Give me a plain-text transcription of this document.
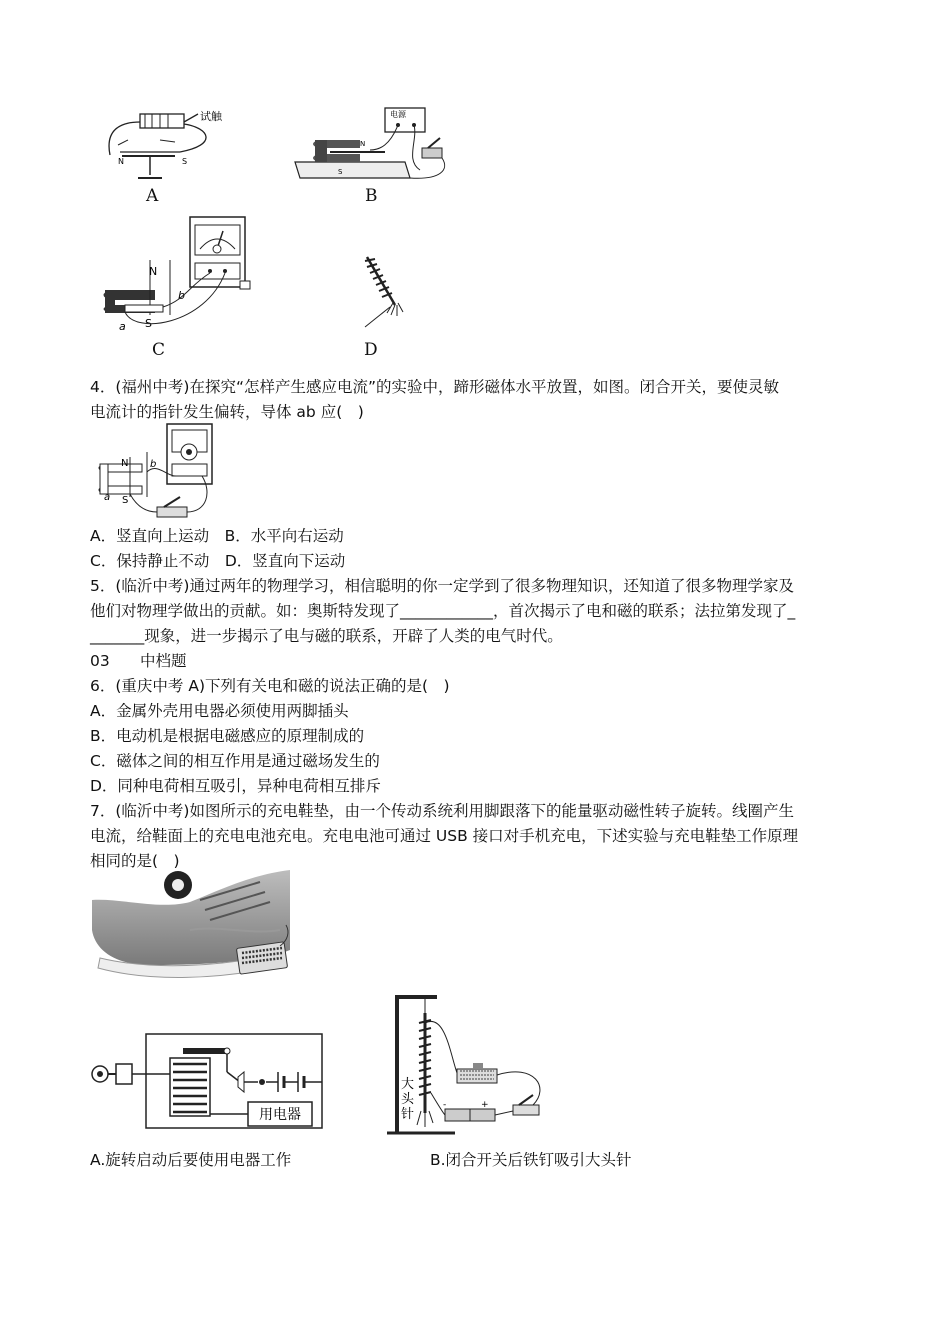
N	S
试触
A
电源
S
N
B
N
S
a
b
C	D
4．(福州中考)在探究“怎样产生感应电流”的实验中，蹄形磁体水平放置，如图。闭合开关，要使灵敏
电流计的指针发生偏转，导体 ab 应(　)
N
S
a
b
A．竖直向上运动　B．水平向右运动
C．保持静止不动　D．竖直向下运动
5．(临沂中考)通过两年的物理学习，相信聪明的你一定学到了很多物理知识，还知道了很多物理学家及
他们对物理学做出的贡献。如：奥斯特发现了____________，首次揭示了电和磁的联系；法拉第发现了_
_______现象，进一步揭示了电与磁的联系，开辟了人类的电气时代。
03 中档题
6．(重庆中考 A)下列有关电和磁的说法正确的是(　)
A．金属外壳用电器必须使用两脚插头
B．电动机是根据电磁感应的原理制成的
C．磁体之间的相互作用是通过磁场发生的
D．同种电荷相互吸引，异种电荷相互排斥
7．(临沂中考)如图所示的充电鞋垫，由一个传动系统利用脚跟落下的能量驱动磁性转子旋转。线圈产生
电流，给鞋面上的充电电池充电。充电电池可通过 USB 接口对手机充电，下述实验与充电鞋垫工作原理
相同的是(　)
用电器
大
头
针
+
-
A.旋转启动后要使用电器工作	B.闭合开关后铁钉吸引大头针
